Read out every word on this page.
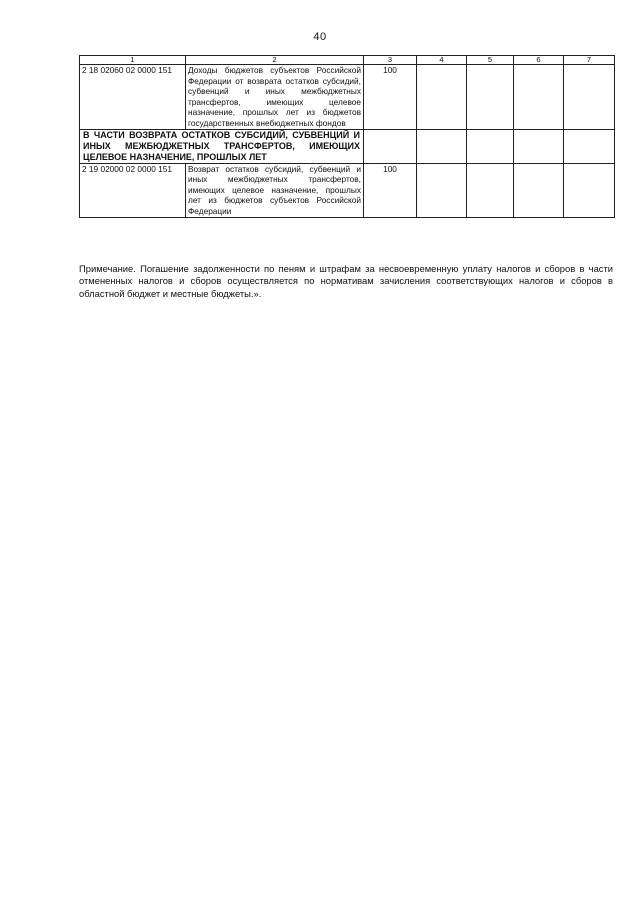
40
1	2	3	4	5	6	7
2 18 02060 02 0000 151	Доходы бюджетов субъектов Российской Федерации от возврата остатков субсидий, субвенций и иных межбюджетных трансфертов, имеющих целевое назначение, прошлых лет из бюджетов государственных внебюджетных фондов	100				
В ЧАСТИ ВОЗВРАТА ОСТАТКОВ СУБСИДИЙ, СУБВЕНЦИЙ И ИНЫХ МЕЖБЮДЖЕТНЫХ ТРАНСФЕРТОВ, ИМЕЮЩИХ ЦЕЛЕВОЕ НАЗНАЧЕНИЕ, ПРОШЛЫХ ЛЕТ						
2 19 02000 02 0000 151	Возврат остатков субсидий, субвенций и иных межбюджетных трансфертов, имеющих целевое назначение, прошлых лет из бюджетов субъектов Российской Федерации	100				
Примечание. Погашение задолженности по пеням и штрафам за несвоевременную уплату налогов и сборов в части отмененных налогов и сборов осуществляется по нормативам зачисления соответствующих налогов и сборов в областной бюджет и местные бюджеты.».
